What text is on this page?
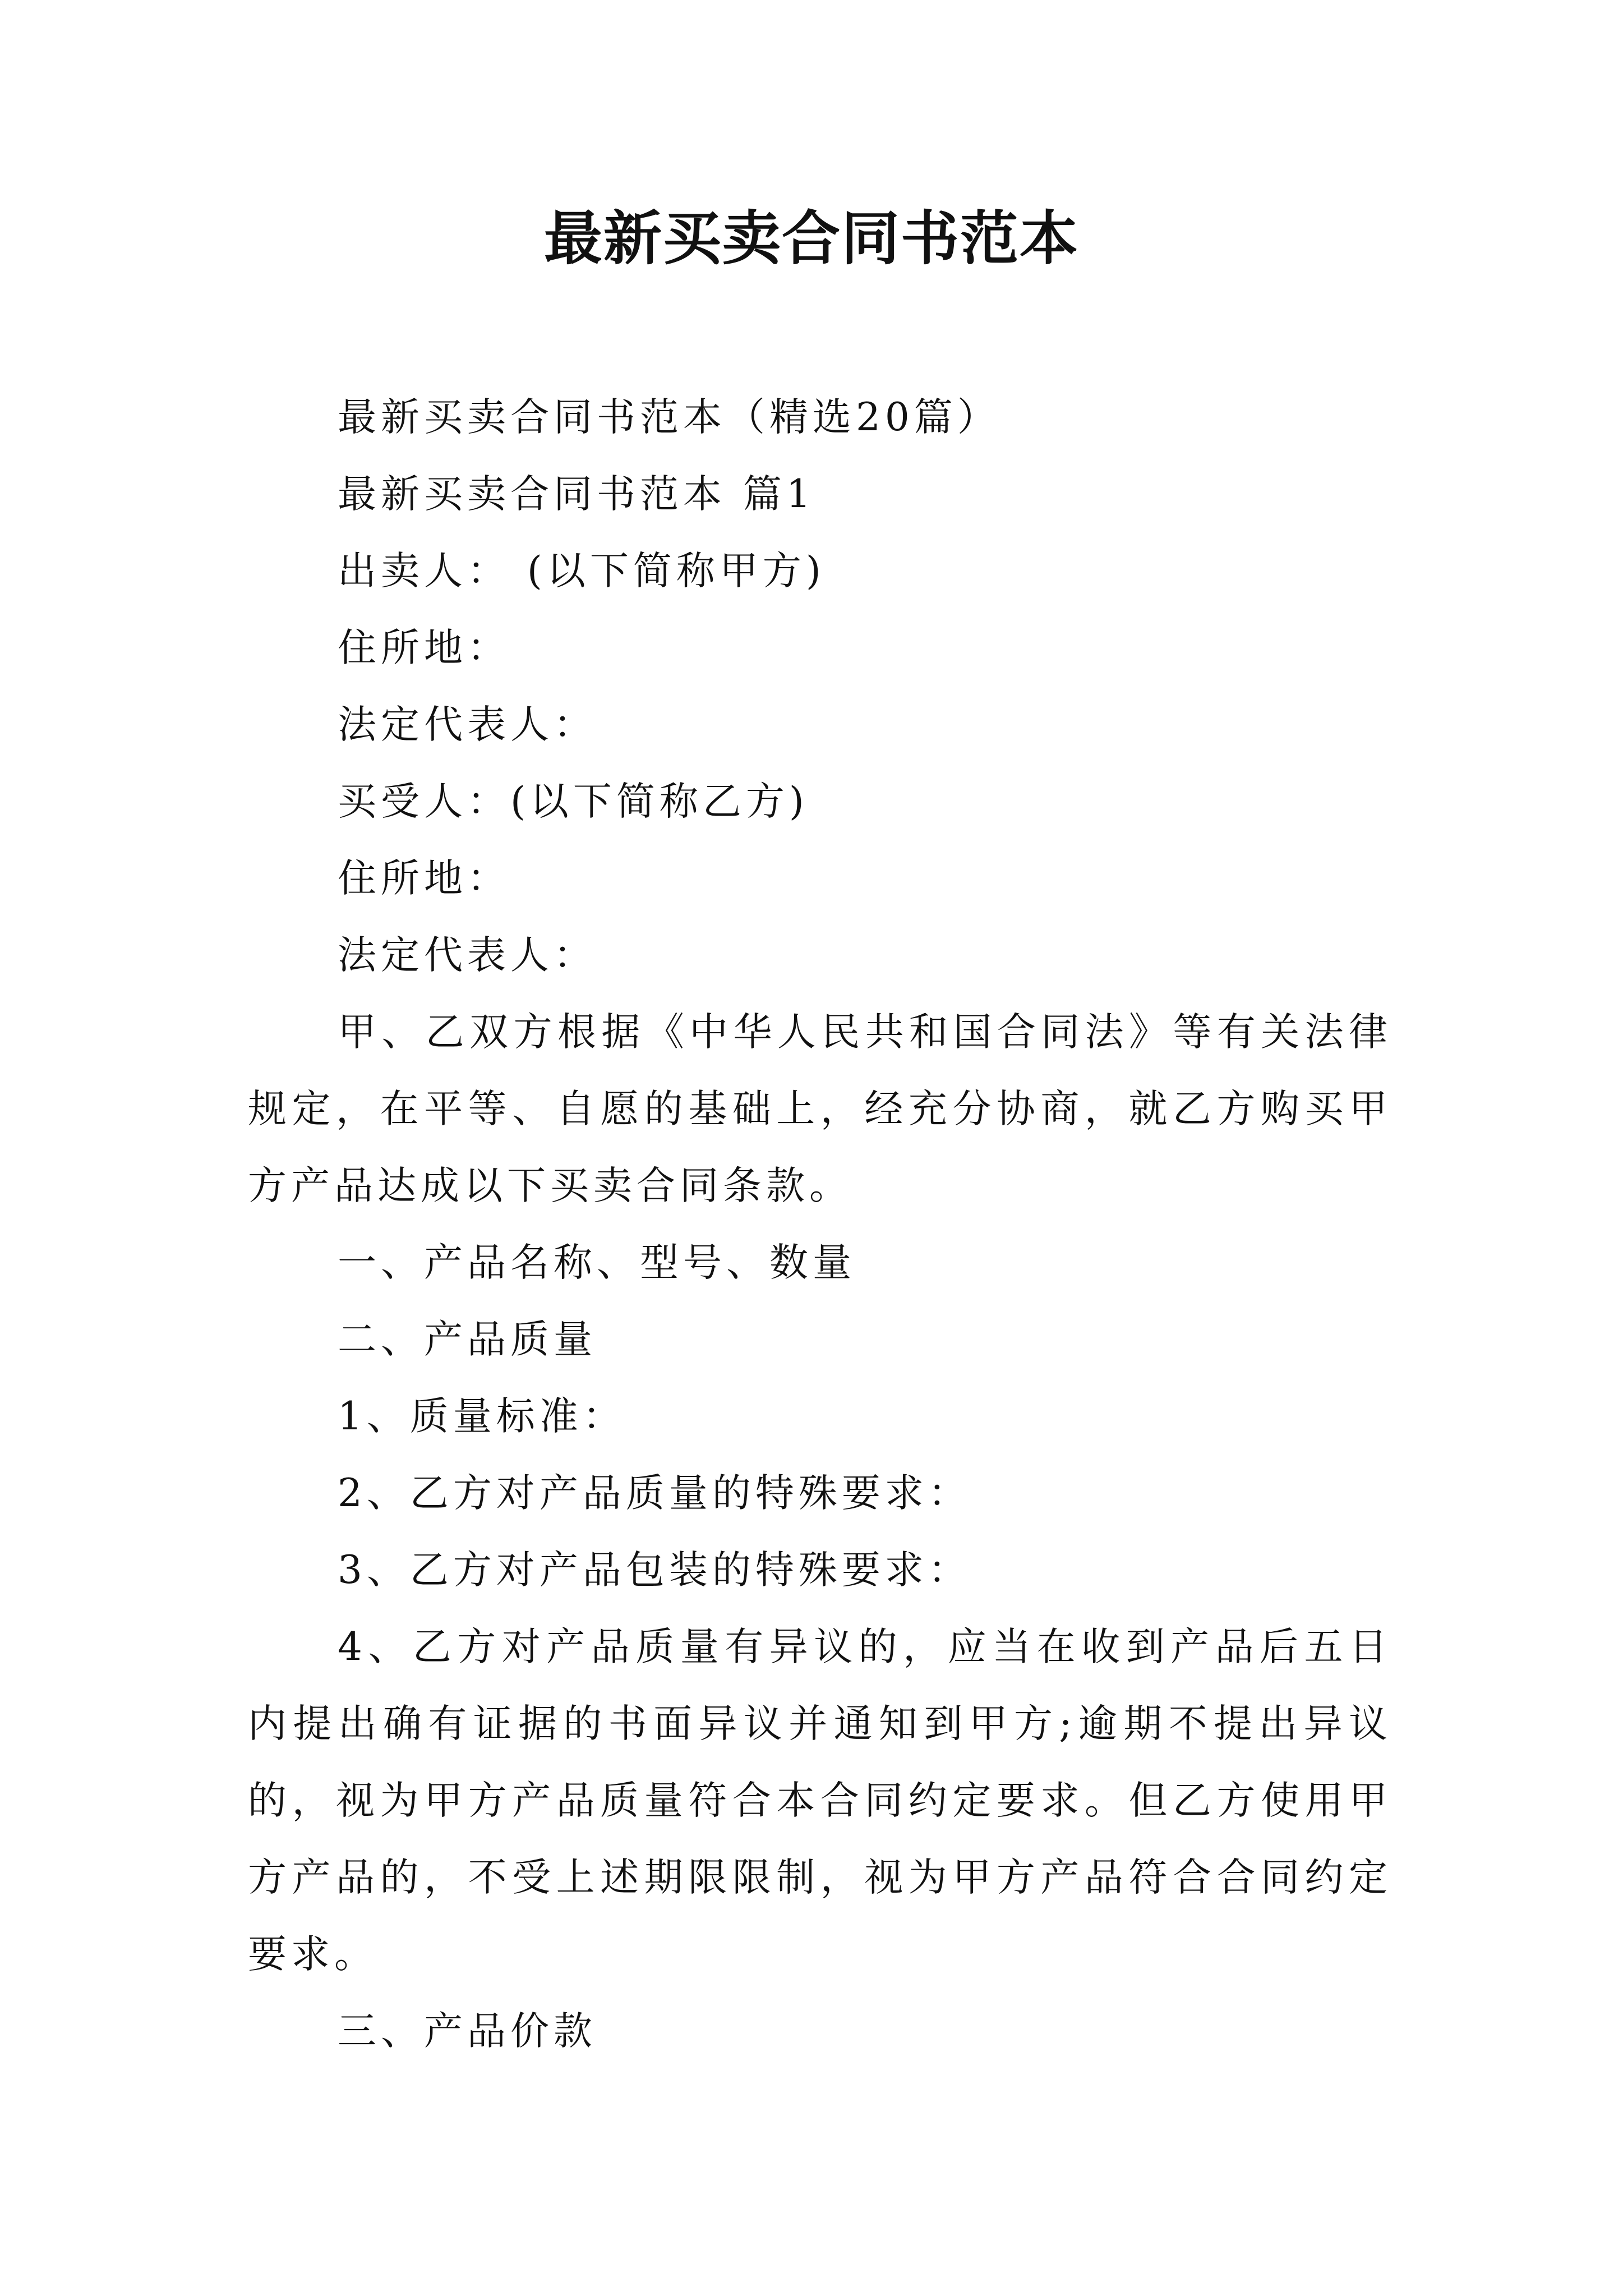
最新买卖合同书范本

最新买卖合同书范本（精选20篇）

最新买卖合同书范本 篇1

出卖人： (以下简称甲方)

住所地：

法定代表人：

买受人：(以下简称乙方)

住所地：

法定代表人：

甲、乙双方根据《中华人民共和国合同法》等有关法律规定，在平等、自愿的基础上，经充分协商，就乙方购买甲方产品达成以下买卖合同条款。

一、产品名称、型号、数量

二、产品质量

1、质量标准：

2、乙方对产品质量的特殊要求：

3、乙方对产品包装的特殊要求：

4、乙方对产品质量有异议的，应当在收到产品后五日内提出确有证据的书面异议并通知到甲方;逾期不提出异议的，视为甲方产品质量符合本合同约定要求。但乙方使用甲方产品的，不受上述期限限制，视为甲方产品符合合同约定要求。

三、产品价款
